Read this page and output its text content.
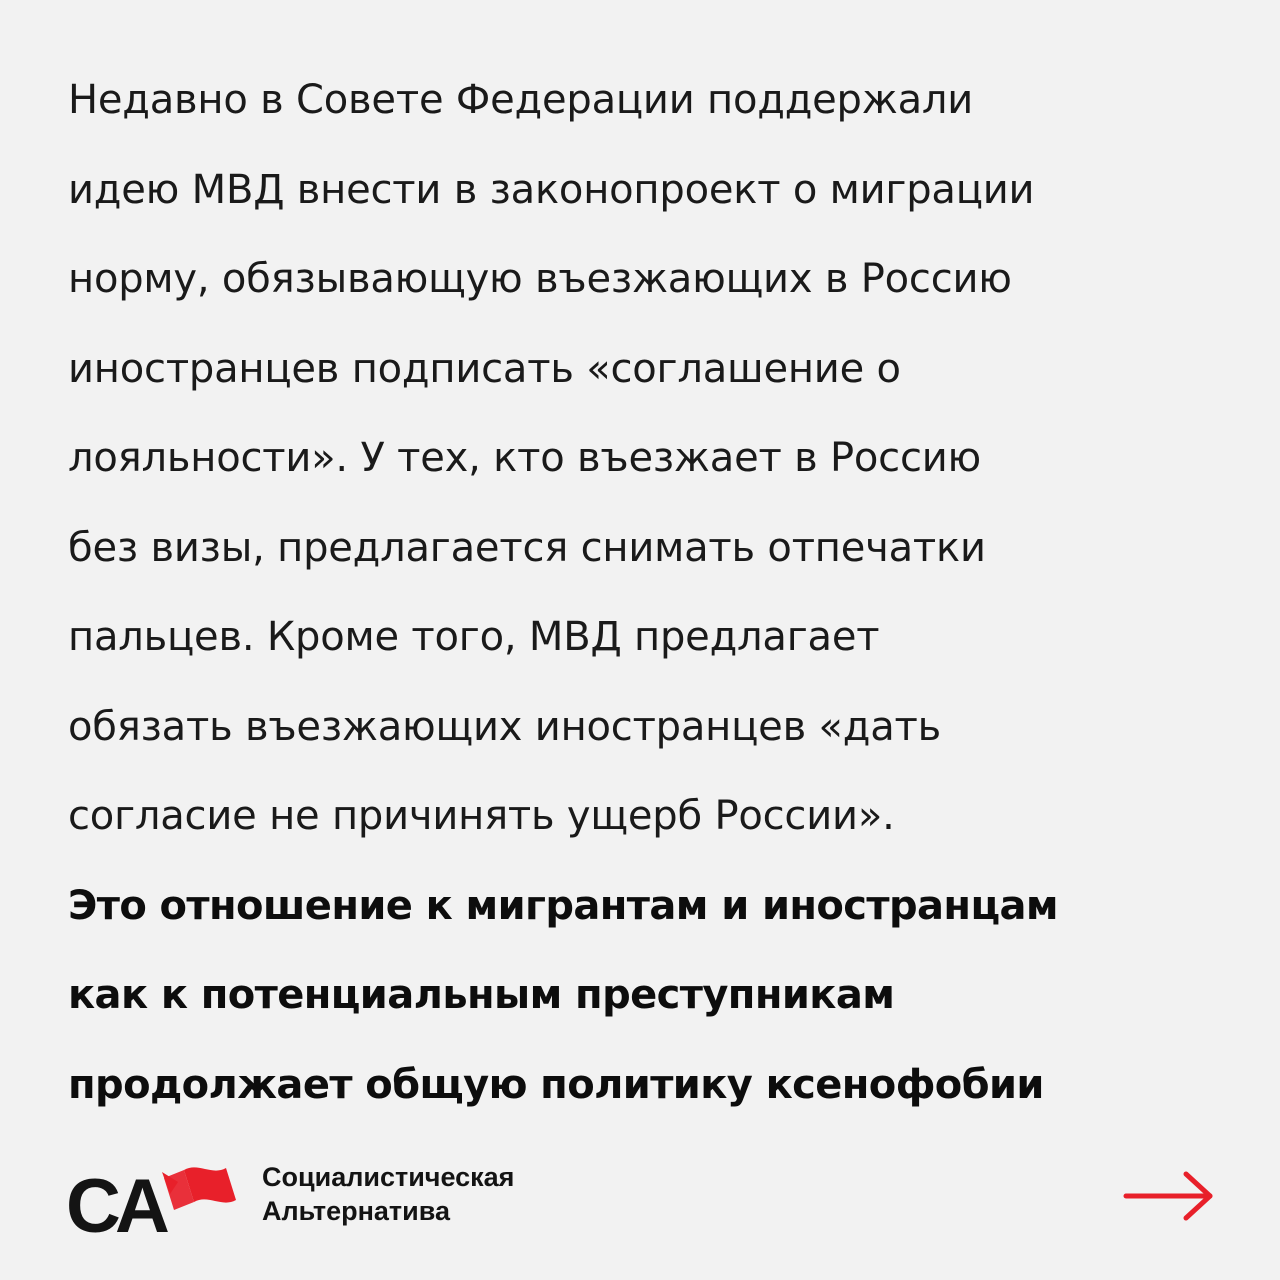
Недавно в Совете Федерации поддержали
идею МВД внести в законопроект о миграции
норму, обязывающую въезжающих в Россию
иностранцев подписать «соглашение о
лояльности». У тех, кто въезжает в Россию
без визы, предлагается снимать отпечатки
пальцев. Кроме того, МВД предлагает
обязать въезжающих иностранцев «дать
согласие не причинять ущерб России».
Это отношение к мигрантам и иностранцам
как к потенциальным преступникам
продолжает общую политику ксенофобии
СА	Социалистическая
Альтернатива
